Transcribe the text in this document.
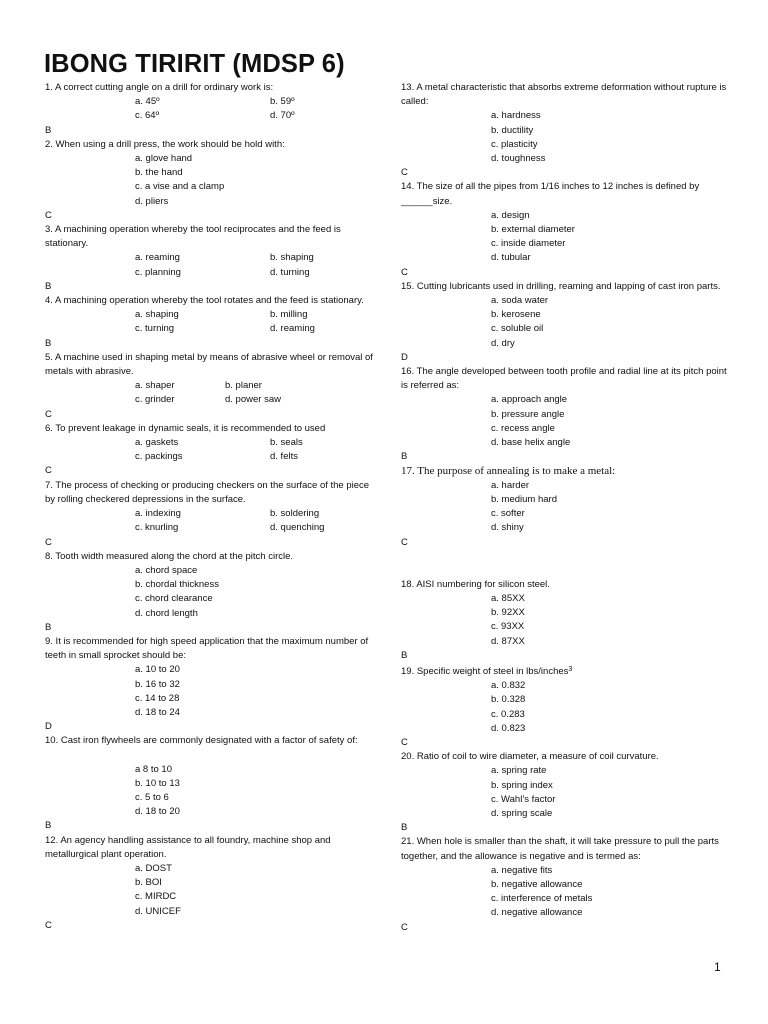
IBONG TIRIRIT (MDSP 6)
1. A correct cutting angle on a drill for ordinary work is:
a. 45º	b. 59º
c. 64º	d. 70º
B
2. When using a drill press, the work should be hold with:
a. glove hand
b. the hand
c. a vise and a clamp
d. pliers
C
3. A machining operation whereby the tool reciprocates and the feed is stationary.
a. reaming	b. shaping
c. planning	d. turning
B
4. A machining operation whereby the tool rotates and the feed is stationary.
a. shaping	b. milling
c. turning	d. reaming
B
5. A machine used in shaping metal by means of abrasive wheel or removal of metals with abrasive.
a. shaper	b. planer
c. grinder	d. power saw
C
6. To prevent leakage in dynamic seals, it is recommended to used
a. gaskets	b. seals
c. packings	d. felts
C
7. The process of checking or producing checkers on the surface of the piece by rolling checkered depressions in the surface.
a. indexing	b. soldering
c. knurling	d. quenching
C
8. Tooth width measured along the chord at the pitch circle.
a. chord space
b. chordal thickness
c. chord clearance
d. chord length
B
9. It is recommended for high speed application that the maximum number of teeth in small sprocket should be:
a. 10 to 20
b. 16 to 32
c. 14 to 28
d. 18 to 24
D
10. Cast iron flywheels are commonly designated with a factor of safety of:
a 8 to 10
b. 10 to 13
c. 5 to 6
d. 18 to 20
B
12. An agency handling assistance to all foundry, machine shop and metallurgical plant operation.
a. DOST
b. BOI
c. MIRDC
d. UNICEF
C
13. A metal characteristic that absorbs extreme deformation without rupture is called:
a. hardness
b. ductility
c. plasticity
d. toughness
C
14. The size of all the pipes from 1/16 inches to 12 inches is defined by ______size.
a. design
b. external diameter
c. inside diameter
d. tubular
C
15. Cutting lubricants used in drilling, reaming and lapping of cast iron parts.
a. soda water
b. kerosene
c. soluble oil
d. dry
D
16. The angle developed between tooth profile and radial line at its pitch point is referred as:
a. approach angle
b. pressure angle
c. recess angle
d. base helix angle
B
17. The purpose of annealing is to make a metal:
a. harder
b. medium hard
c. softer
d. shiny
C
18. AISI numbering for silicon steel.
a. 85XX
b. 92XX
c. 93XX
d. 87XX
B
19. Specific weight of steel in lbs/inches$^3$

a. 0.832
b. 0.328
c. 0.283
d. 0.823
C
20. Ratio of coil to wire diameter, a measure of coil curvature.
a. spring rate
b. spring index
c. Wahl’s factor
d. spring scale
B
21. When hole is smaller than the shaft, it will take pressure to pull the parts together, and the allowance is negative and is termed as:
a. negative fits
b. negative allowance
c. interference of metals
d. negative allowance
C
1
